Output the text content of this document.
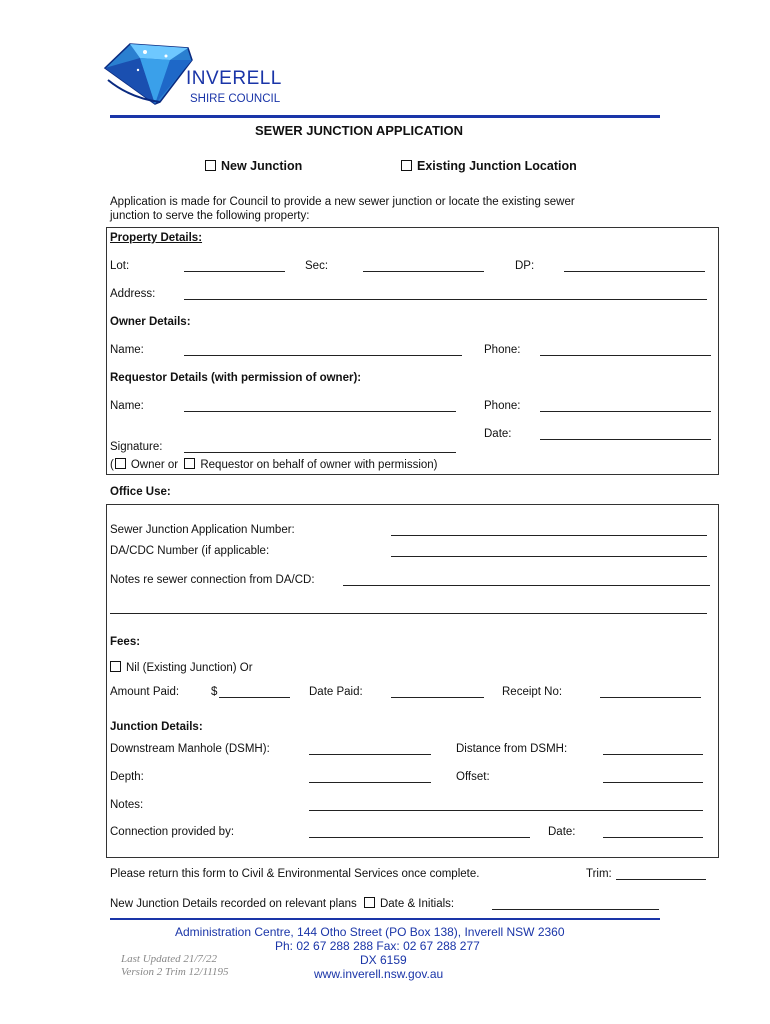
INVERELL
SHIRE COUNCIL
SEWER JUNCTION APPLICATION
New Junction	Existing Junction Location
Application is made for Council to provide a new sewer junction or locate the existing sewer
junction to serve the following property:
Property Details:
Lot:	Sec:	DP:
Address:
Owner Details:
Name:	Phone:
Requestor Details (with permission of owner):
Name:	Phone:
Date:
Signature:
( Owner or Requestor on behalf of owner with permission)
Office Use:
Sewer Junction Application Number:
DA/CDC Number (if applicable:
Notes re sewer connection from DA/CD:
Fees:
Nil (Existing Junction) Or
Amount Paid:	$	Date Paid:	Receipt No:
Junction Details:
Downstream Manhole (DSMH):	Distance from DSMH:
Depth:	Offset:
Notes:
Connection provided by:	Date:
Please return this form to Civil & Environmental Services once complete.	Trim:
New Junction Details recorded on relevant plans Date & Initials:
Administration Centre, 144 Otho Street (PO Box 138), Inverell NSW 2360
Ph: 02 67 288 288 Fax: 02 67 288 277
DX 6159
www.inverell.nsw.gov.au
Last Updated 21/7/22
Version 2 Trim 12/11195
